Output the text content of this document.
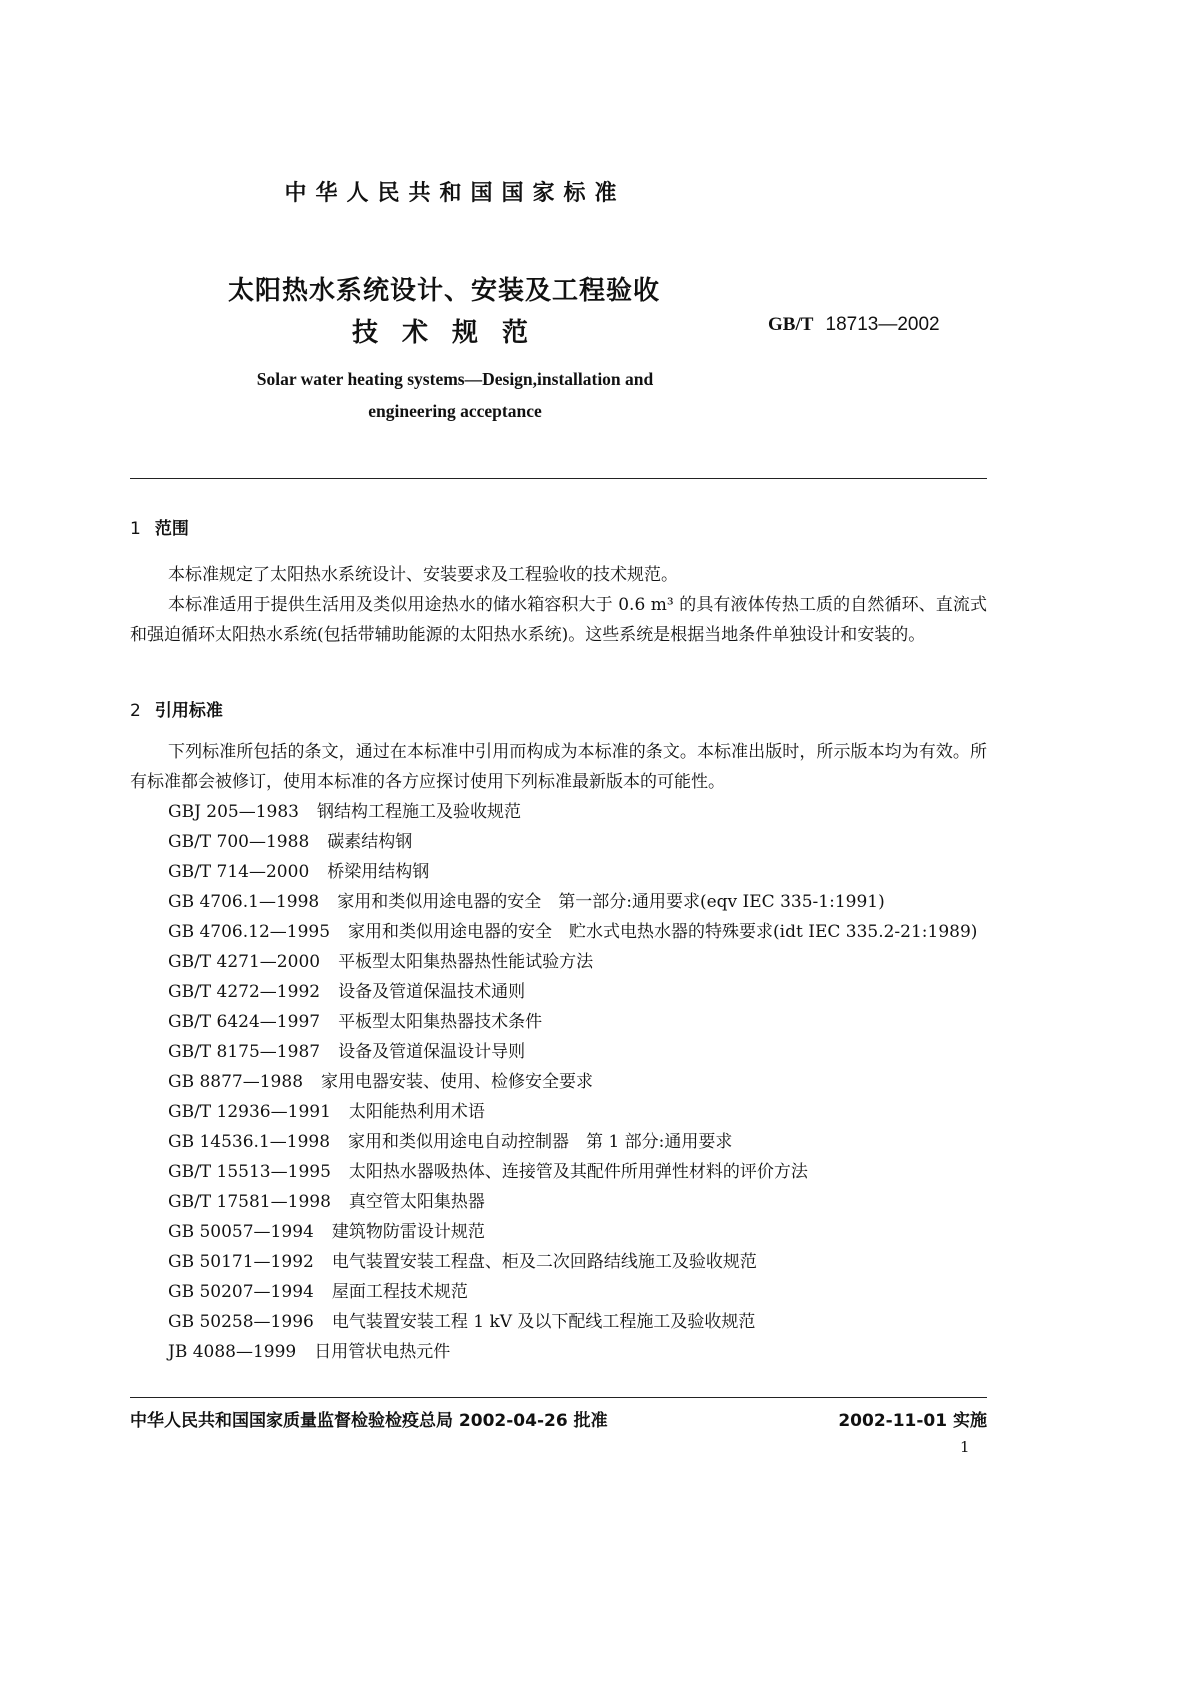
中华人民共和国国家标准
太阳热水系统设计、安装及工程验收
技术规范	GB/T 18713—2002
Solar water heating systems—Design,installation and
engineering acceptance
1 范围
本标准规定了太阳热水系统设计、安装要求及工程验收的技术规范。
本标准适用于提供生活用及类似用途热水的储水箱容积大于 0.6 m³ 的具有液体传热工质的自然循环、直流式和强迫循环太阳热水系统(包括带辅助能源的太阳热水系统)。这些系统是根据当地条件单独设计和安装的。
2 引用标准
下列标准所包括的条文，通过在本标准中引用而构成为本标准的条文。本标准出版时，所示版本均为有效。所有标准都会被修订，使用本标准的各方应探讨使用下列标准最新版本的可能性。
GBJ 205—1983 钢结构工程施工及验收规范
GB/T 700—1988 碳素结构钢
GB/T 714—2000 桥梁用结构钢
GB 4706.1—1998 家用和类似用途电器的安全　第一部分:通用要求(eqv IEC 335-1:1991)
GB 4706.12—1995 家用和类似用途电器的安全　贮水式电热水器的特殊要求(idt IEC 335.2-21:1989)
GB/T 4271—2000 平板型太阳集热器热性能试验方法
GB/T 4272—1992 设备及管道保温技术通则
GB/T 6424—1997 平板型太阳集热器技术条件
GB/T 8175—1987 设备及管道保温设计导则
GB 8877—1988 家用电器安装、使用、检修安全要求
GB/T 12936—1991 太阳能热利用术语
GB 14536.1—1998 家用和类似用途电自动控制器　第 1 部分:通用要求
GB/T 15513—1995 太阳热水器吸热体、连接管及其配件所用弹性材料的评价方法
GB/T 17581—1998 真空管太阳集热器
GB 50057—1994 建筑物防雷设计规范
GB 50171—1992 电气装置安装工程盘、柜及二次回路结线施工及验收规范
GB 50207—1994 屋面工程技术规范
GB 50258—1996 电气装置安装工程 1 kV 及以下配线工程施工及验收规范
JB 4088—1999 日用管状电热元件
中华人民共和国国家质量监督检验检疫总局 2002-04-26 批准	2002-11-01 实施
1
